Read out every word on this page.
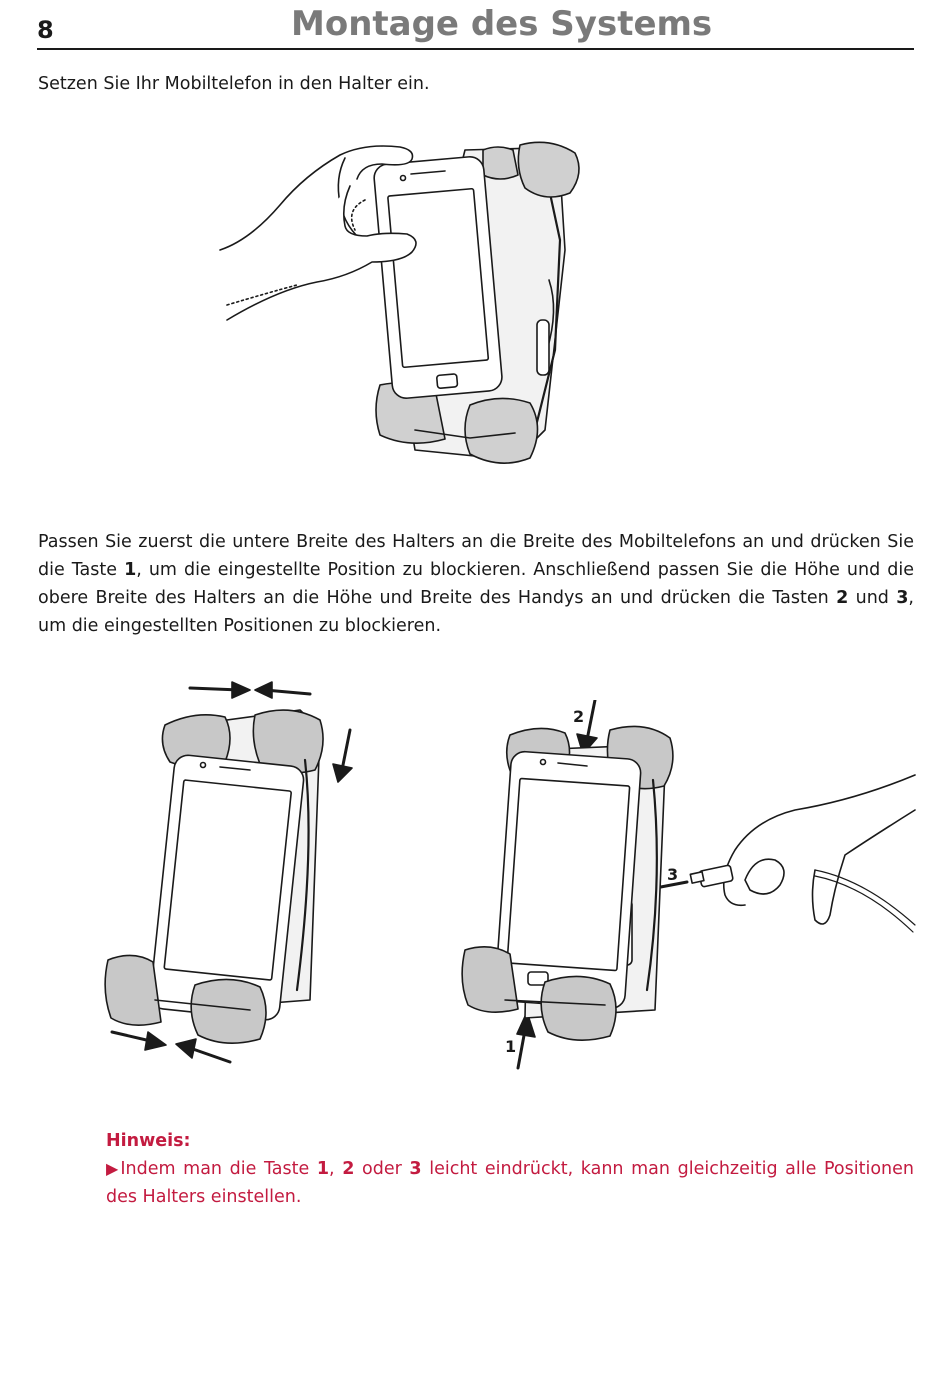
8	Montage des Systems
Setzen Sie Ihr Mobiltelefon in den Halter ein.

Passen Sie zuerst die untere Breite des Halters an die Breite des Mobiltelefons an und drücken Sie die Taste 1, um die eingestellte Position zu blockieren. Anschließend passen Sie die Höhe und die obere Breite des Halters an die Höhe und Breite des Handys an und drücken die Tasten 2 und 3, um die eingestellten Positionen zu blockieren.

2
1
3
Hinweis:
▶Indem man die Taste 1, 2 oder 3 leicht eindrückt, kann man gleichzeitig alle Positionen des Halters einstellen.
